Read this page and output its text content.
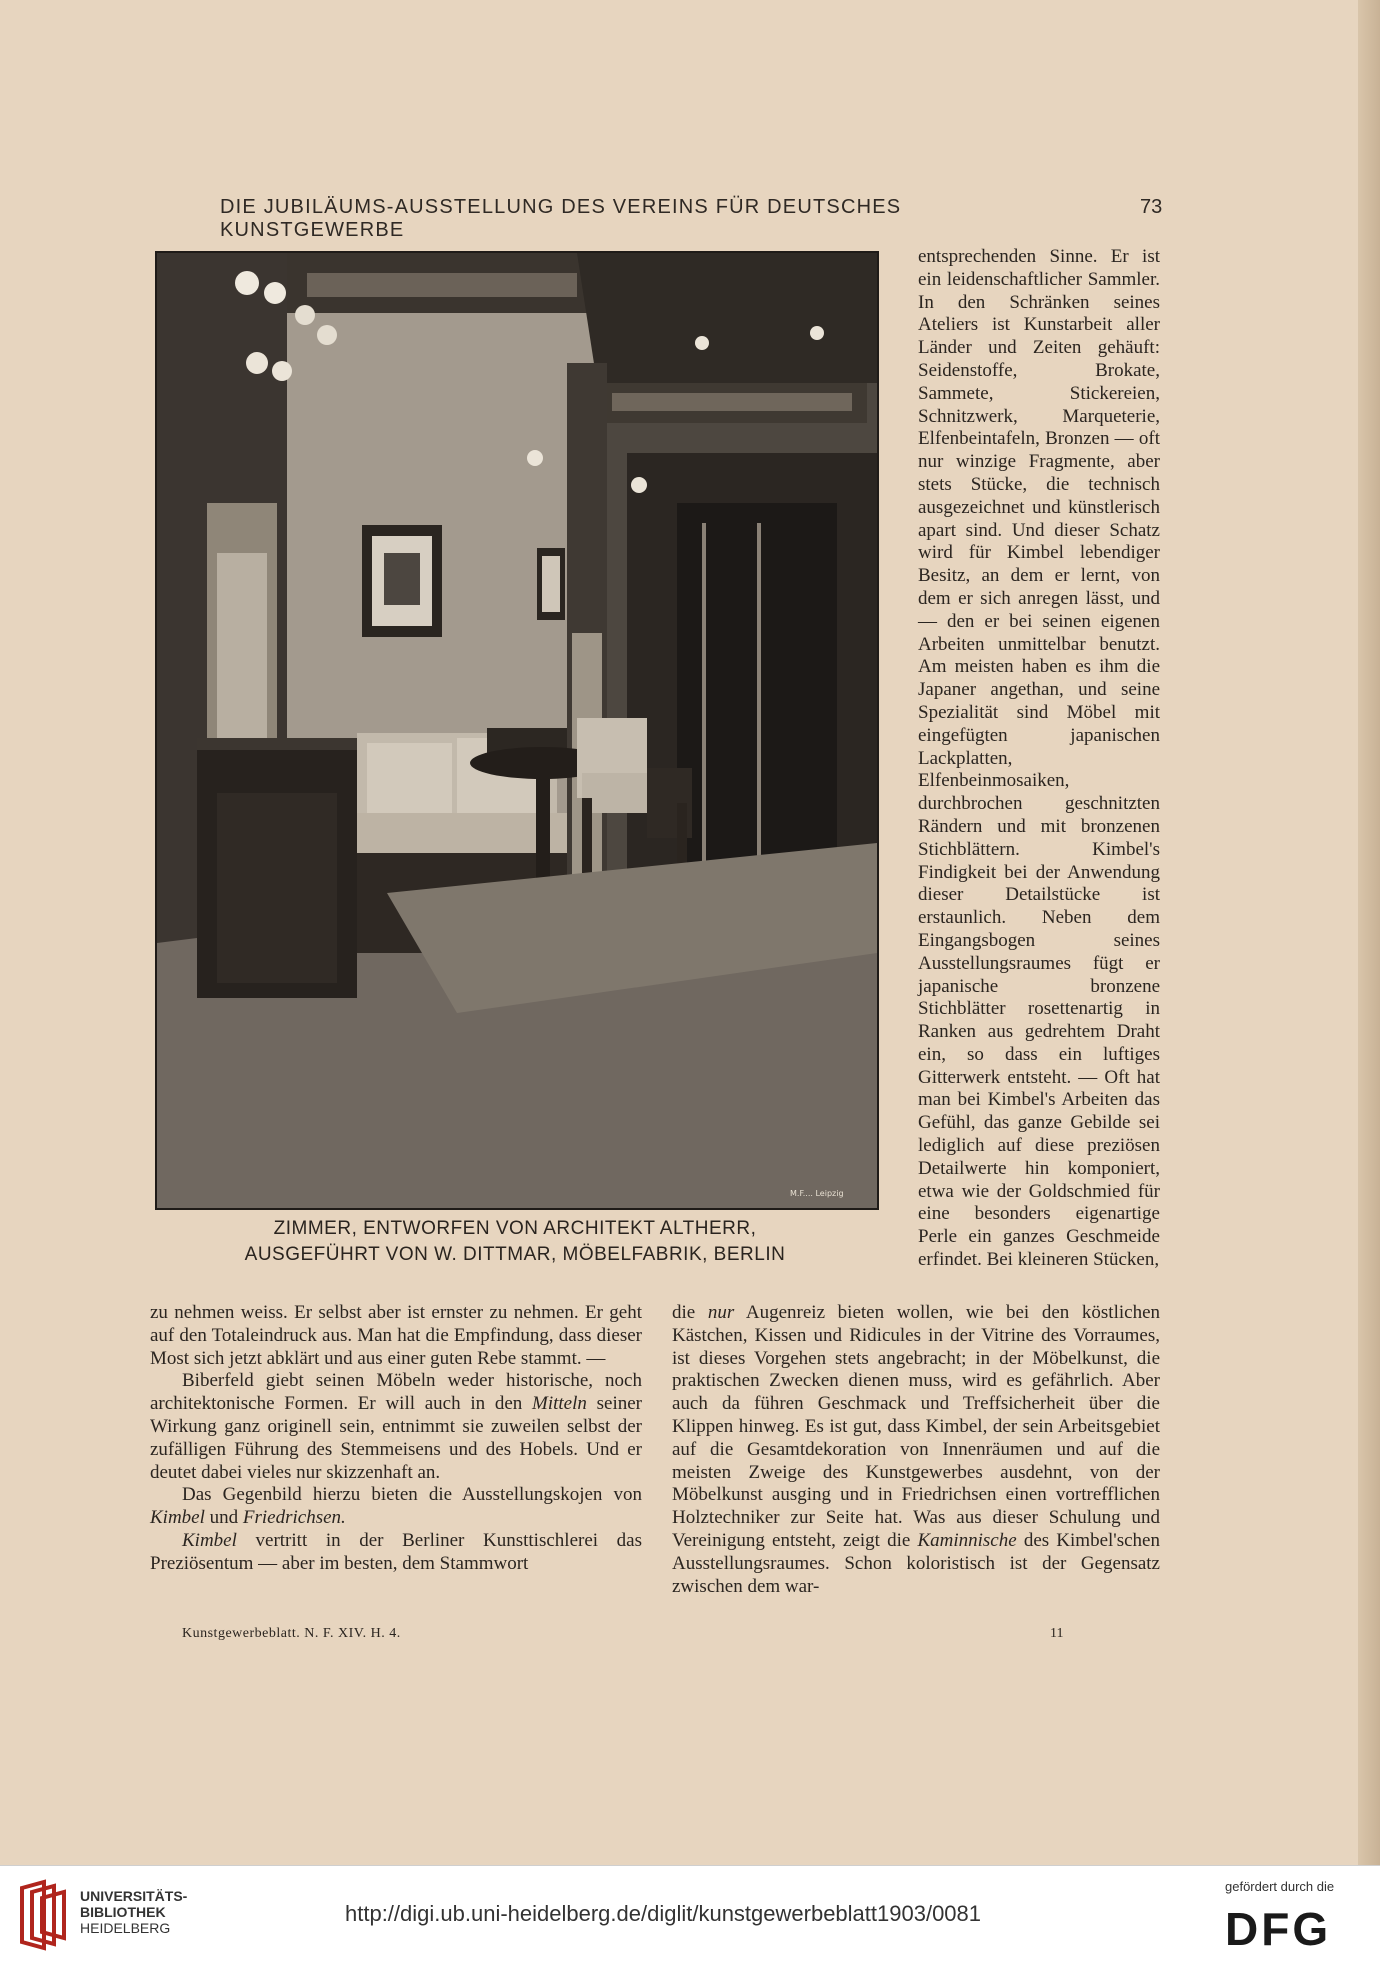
DIE JUBILÄUMS-AUSSTELLUNG DES VEREINS FÜR DEUTSCHES KUNSTGEWERBE
73
ZIMMER, ENTWORFEN VON ARCHITEKT ALTHERR,
AUSGEFÜHRT VON W. DITTMAR, MÖBELFABRIK, BERLIN
M.F.... Leipzig

entsprechenden Sinne. Er ist ein leidenschaftlicher Sammler. In den Schränken seines Ateliers ist Kunstarbeit aller Länder und Zeiten gehäuft: Seidenstoffe, Brokate, Sammete, Stickereien, Schnitzwerk, Marqueterie, Elfenbeintafeln, Bronzen — oft nur winzige Fragmente, aber stets Stücke, die technisch ausgezeichnet und künstlerisch apart sind. Und dieser Schatz wird für Kimbel lebendiger Besitz, an dem er lernt, von dem er sich anregen lässt, und — den er bei seinen eigenen Arbeiten unmittelbar benutzt. Am meisten haben es ihm die Japaner angethan, und seine Spezialität sind Möbel mit eingefügten japanischen Lackplatten, Elfenbeinmosaiken, durchbrochen geschnitzten Rändern und mit bronzenen Stichblättern. Kimbel's Findigkeit bei der Anwendung dieser Detailstücke ist erstaunlich. Neben dem Eingangsbogen seines Ausstellungsraumes fügt er japanische bronzene Stichblätter rosettenartig in Ranken aus gedrehtem Draht ein, so dass ein luftiges Gitterwerk entsteht. — Oft hat man bei Kimbel's Arbeiten das Gefühl, das ganze Gebilde sei lediglich auf diese preziösen Detailwerte hin komponiert, etwa wie der Goldschmied für eine besonders eigenartige Perle ein ganzes Geschmeide erfindet. Bei kleineren Stücken,

zu nehmen weiss. Er selbst aber ist ernster zu nehmen. Er geht auf den Totaleindruck aus. Man hat die Empfindung, dass dieser Most sich jetzt abklärt und aus einer guten Rebe stammt. —

Biberfeld giebt seinen Möbeln weder historische, noch architektonische Formen. Er will auch in den Mitteln seiner Wirkung ganz originell sein, entnimmt sie zuweilen selbst der zufälligen Führung des Stemmeisens und des Hobels. Und er deutet dabei vieles nur skizzenhaft an.

Das Gegenbild hierzu bieten die Ausstellungskojen von Kimbel und Friedrichsen.

Kimbel vertritt in der Berliner Kunsttischlerei das Preziösentum — aber im besten, dem Stammwort

die nur Augenreiz bieten wollen, wie bei den köstlichen Kästchen, Kissen und Ridicules in der Vitrine des Vorraumes, ist dieses Vorgehen stets angebracht; in der Möbelkunst, die praktischen Zwecken dienen muss, wird es gefährlich. Aber auch da führen Geschmack und Treffsicherheit über die Klippen hinweg. Es ist gut, dass Kimbel, der sein Arbeitsgebiet auf die Gesamtdekoration von Innenräumen und auf die meisten Zweige des Kunstgewerbes ausdehnt, von der Möbelkunst ausging und in Friedrichsen einen vortrefflichen Holztechniker zur Seite hat. Was aus dieser Schulung und Vereinigung entsteht, zeigt die Kaminnische des Kimbel'schen Ausstellungsraumes. Schon koloristisch ist der Gegensatz zwischen dem war-

Kunstgewerbeblatt. N. F. XIV. H. 4.	11
UNIVERSITÄTS-
BIBLIOTHEK
HEIDELBERG
http://digi.ub.uni-heidelberg.de/diglit/kunstgewerbeblatt1903/0081
gefördert durch die
DFG
